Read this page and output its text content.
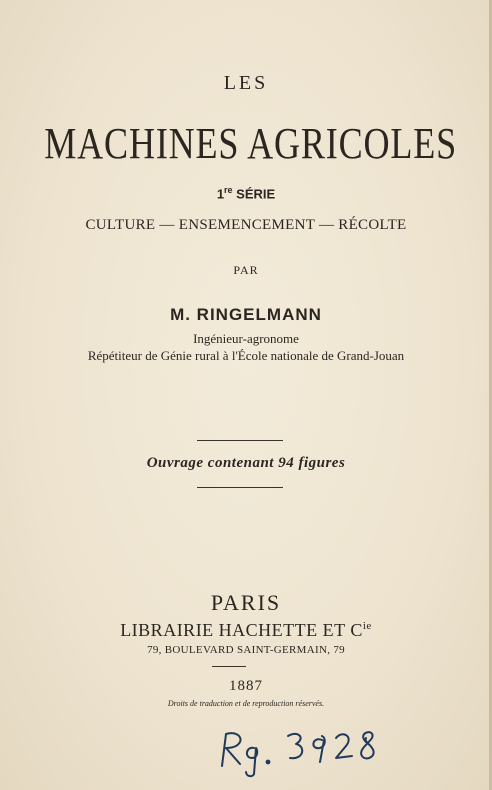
LES
MACHINES AGRICOLES
1re SÉRIE
CULTURE — ENSEMENCEMENT — RÉCOLTE
PAR
M. RINGELMANN
Ingénieur-agronome
Répétiteur de Génie rural à l'École nationale de Grand-Jouan
Ouvrage contenant 94 figures
PARIS
LIBRAIRIE HACHETTE ET $C^{ie}$
79, BOULEVARD SAINT-GERMAIN, 79
1887
Droits de traduction et de reproduction réservés.
